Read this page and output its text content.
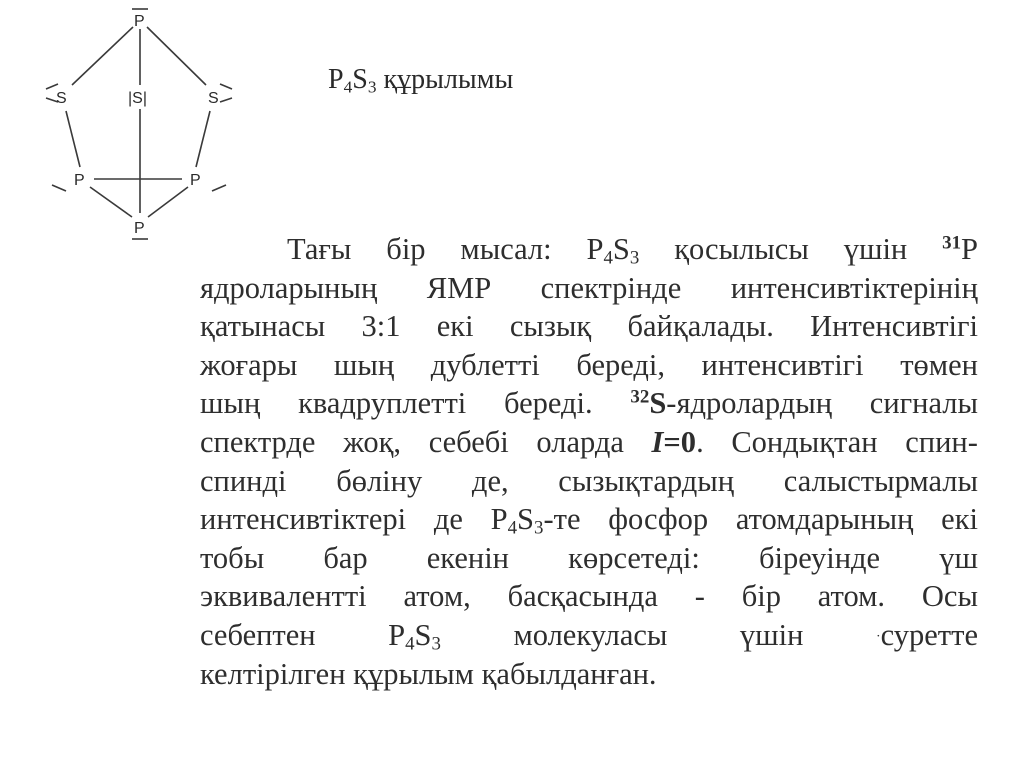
P
S	|S|	S
P	P
P
$P_4S_3$ құрылымы
Тағы бір мысал: $P_4S_3$ қосылысы үшін $^{31}$P
ядроларының ЯМР спектрінде интенсивтіктерінің
қатынасы 3:1 екі сызық байқалады. Интенсивтігі
жоғары шың дублетті береді, интенсивтігі төмен
шың квадруплетті береді. $^{32}$S-ядролардың сигналы
спектрде жоқ, себебі оларда I=0. Сондықтан спин-
спинді бөліну де, сызықтардың салыстырмалы
интенсивтіктері де $P_4S_3-те$ фосфор атомдарының екі
тобы бар екенін көрсетеді: біреуінде үш
эквивалентті атом, басқасында - бір атом. Осы
себептен $P_4S_3$ молекуласы үшін	·суретте
келтірілген құрылым қабылданған.
